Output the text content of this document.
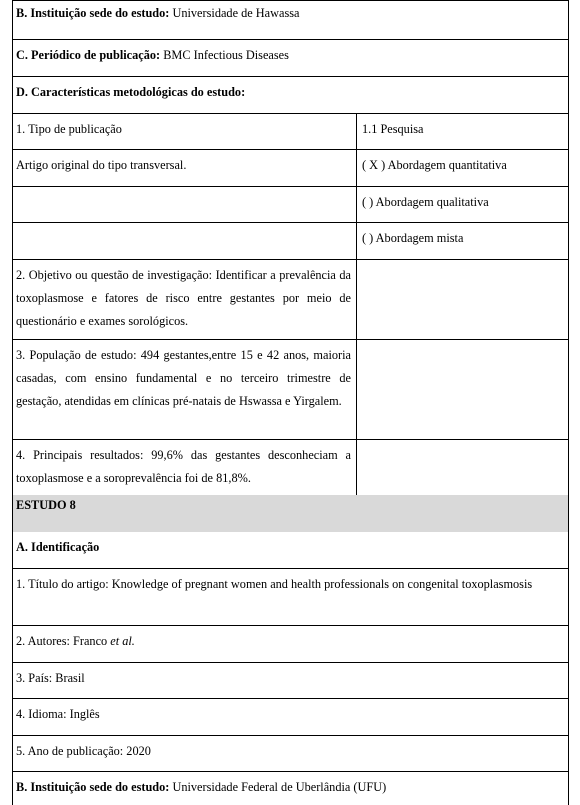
B. Instituição sede do estudo: Universidade de Hawassa
C. Periódico de publicação: BMC Infectious Diseases
D. Características metodológicas do estudo:
1. Tipo de publicação	1.1 Pesquisa
Artigo original do tipo transversal.	( X ) Abordagem quantitativa
( ) Abordagem qualitativa
( ) Abordagem mista
2. Objetivo ou questão de investigação: Identificar a prevalência da toxoplasmose e fatores de risco entre gestantes por meio de questionário e exames sorológicos.
3. População de estudo: 494 gestantes,entre 15 e 42 anos, maioria casadas, com ensino fundamental e no terceiro trimestre de gestação, atendidas em clínicas pré-natais de Hswassa e Yirgalem.
4. Principais resultados: 99,6% das gestantes desconheciam a toxoplasmose e a soroprevalência foi de 81,8%.
ESTUDO 8
A. Identificação
1. Título do artigo: Knowledge of pregnant women and health professionals on congenital toxoplasmosis
2. Autores: Franco et al.
3. País: Brasil
4. Idioma: Inglês
5. Ano de publicação: 2020
B. Instituição sede do estudo: Universidade Federal de Uberlândia (UFU)
